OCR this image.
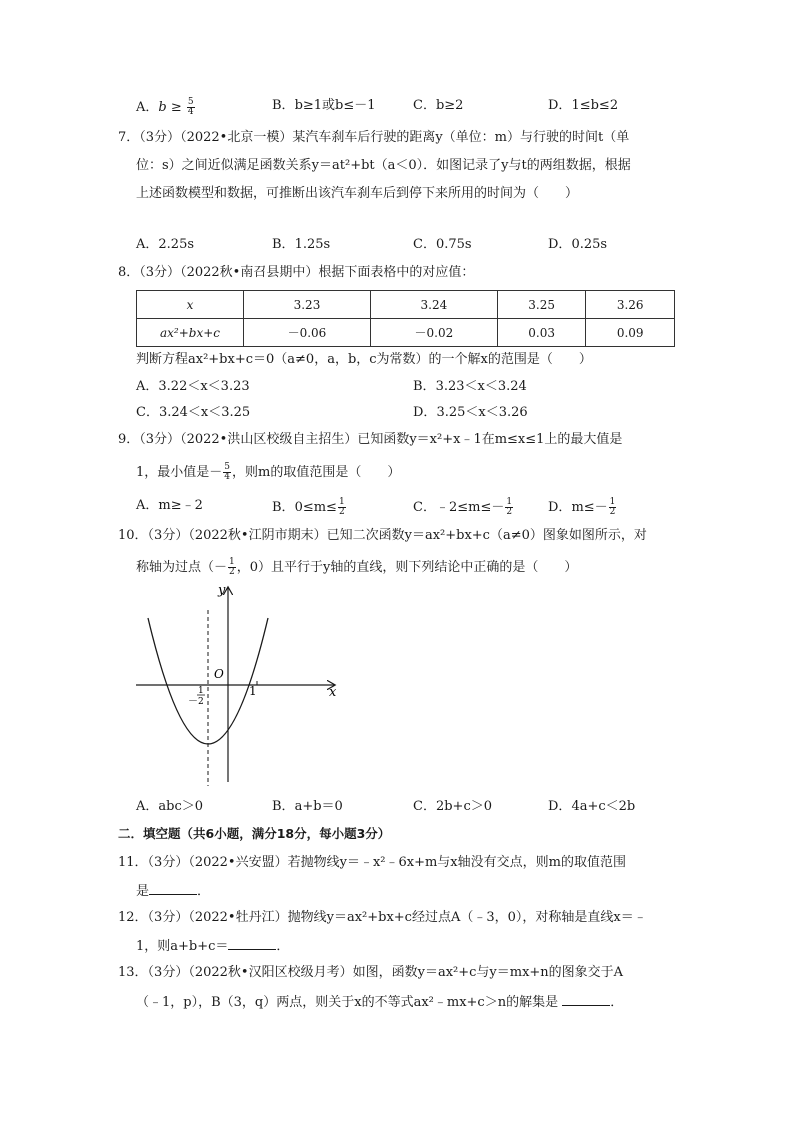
A．$b \ge \frac{5}{4}$	B．b≥1或b≤－1	C．b≥2	D．1≤b≤2
7．（3分）（2022•北京一模）某汽车刹车后行驶的距离y（单位：m）与行驶的时间t（单
位：s）之间近似满足函数关系y＝at²+bt（a＜0）．如图记录了y与t的两组数据，根据
上述函数模型和数据，可推断出该汽车刹车后到停下来所用的时间为（　　）
A．2.25s	B．1.25s	C．0.75s	D．0.25s
8．（3分）（2022秋•南召县期中）根据下面表格中的对应值：
x	3.23	3.24	3.25	3.26
ax²+bx+c	－0.06	－0.02	0.03	0.09
判断方程ax²+bx+c＝0（a≠0，a，b，c为常数）的一个解x的范围是（　　）
A．3.22＜x＜3.23	B．3.23＜x＜3.24
C．3.24＜x＜3.25	D．3.25＜x＜3.26
9．（3分）（2022•洪山区校级自主招生）已知函数y＝x²+x﹣1在m≤x≤1上的最大值是
1，最小值是－ $\frac{5}{4}$ ，则m的取值范围是（　　）
A．m≥﹣2	B．$0\le m\le \frac{1}{2}$	C．﹣2≤m≤－ $\frac{1}{2}$	D．$m\le- \frac{1}{2}$
10．（3分）（2022秋•江阴市期末）已知二次函数y＝ax²+bx+c（a≠0）图象如图所示，对
称轴为过点（－ $\frac{1}{2}$ ，0）且平行于y轴的直线，则下列结论中正确的是（　　）
y
x
O
1
1
－ 2
A．abc＞0	B．a+b＝0	C．2b+c＞0	D．4a+c＜2b
二．填空题（共6小题，满分18分，每小题3分）
11．（3分）（2022•兴安盟）若抛物线y＝﹣x²﹣6x+m与x轴没有交点，则m的取值范围
是	．
12．（3分）（2022•牡丹江）抛物线y＝ax²+bx+c经过点A（﹣3，0），对称轴是直线x＝﹣
1，则a+b+c＝	．
13．（3分）（2022秋•汉阳区校级月考）如图，函数y＝ax²+c与y＝mx+n的图象交于A
（﹣1，p），B（3，q）两点，则关于x的不等式ax²﹣mx+c＞n的解集是	．
